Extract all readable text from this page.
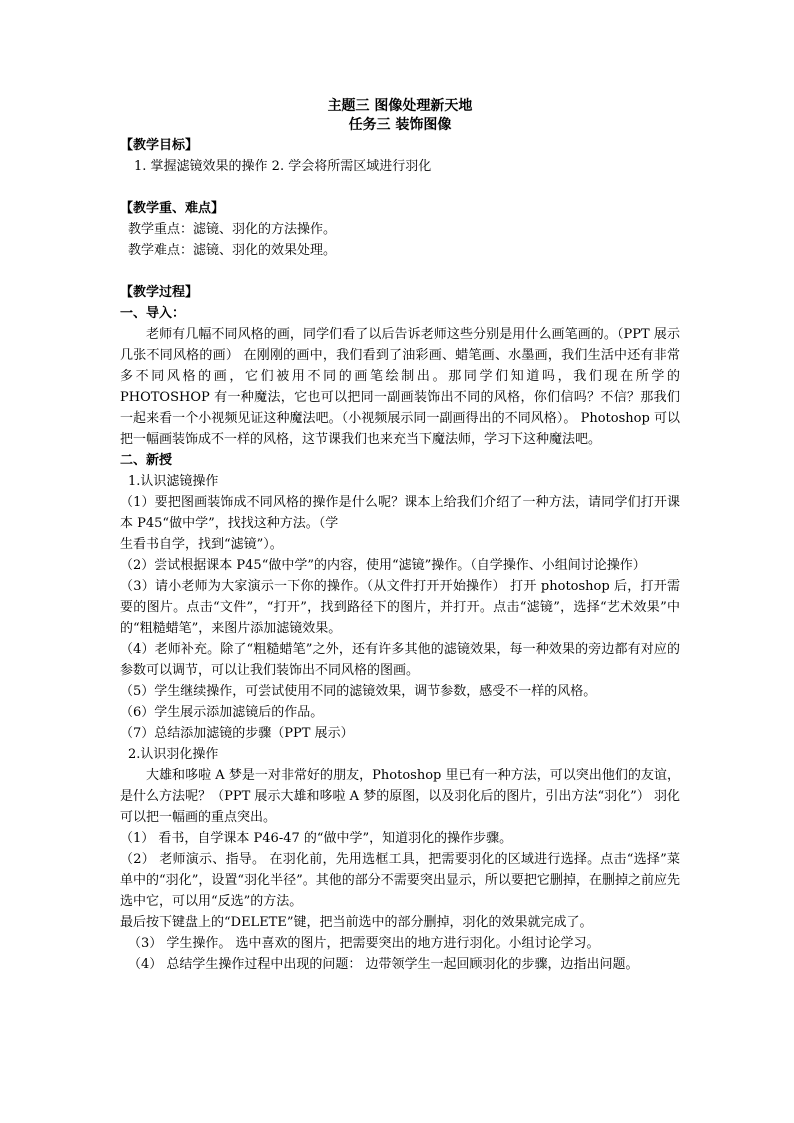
主题三 图像处理新天地
任务三 装饰图像

【教学目标】

1. 掌握滤镜效果的操作 2. 学会将所需区域进行羽化

【教学重、难点】

教学重点：滤镜、羽化的方法操作。

教学难点：滤镜、羽化的效果处理。

【教学过程】

一、导入：

老师有几幅不同风格的画，同学们看了以后告诉老师这些分别是用什么画笔画的。（PPT 展示几张不同风格的画） 在刚刚的画中，我们看到了油彩画、蜡笔画、水墨画，我们生活中还有非常多不同风格的画，它们被用不同的画笔绘制出。那同学们知道吗，我们现在所学的 PHOTOSHOP 有一种魔法，它也可以把同一副画装饰出不同的风格，你们信吗？不信？那我们一起来看一个小视频见证这种魔法吧。（小视频展示同一副画得出的不同风格）。 Photoshop 可以把一幅画装饰成不一样的风格，这节课我们也来充当下魔法师，学习下这种魔法吧。

二、新授

1.认识滤镜操作

（1）要把图画装饰成不同风格的操作是什么呢？课本上给我们介绍了一种方法，请同学们打开课本 P45“做中学”，找找这种方法。（学

生看书自学，找到“滤镜”）。

（2）尝试根据课本 P45“做中学”的内容，使用“滤镜”操作。（自学操作、小组间讨论操作）

（3）请小老师为大家演示一下你的操作。（从文件打开开始操作） 打开 photoshop 后，打开需要的图片。点击“文件”，“打开”，找到路径下的图片，并打开。点击“滤镜”，选择“艺术效果”中的“粗糙蜡笔”，来图片添加滤镜效果。

（4）老师补充。除了“粗糙蜡笔”之外，还有许多其他的滤镜效果，每一种效果的旁边都有对应的参数可以调节，可以让我们装饰出不同风格的图画。

（5）学生继续操作，可尝试使用不同的滤镜效果，调节参数，感受不一样的风格。

（6）学生展示添加滤镜后的作品。

（7）总结添加滤镜的步骤（PPT 展示）

2.认识羽化操作

大雄和哆啦 A 梦是一对非常好的朋友，Photoshop 里已有一种方法，可以突出他们的友谊，是什么方法呢？（PPT 展示大雄和哆啦 A 梦的原图，以及羽化后的图片，引出方法“羽化”） 羽化可以把一幅画的重点突出。

（1） 看书，自学课本 P46-47 的“做中学”，知道羽化的操作步骤。

（2） 老师演示、指导。 在羽化前，先用选框工具，把需要羽化的区域进行选择。点击“选择”菜单中的“羽化”，设置“羽化半径”。其他的部分不需要突出显示，所以要把它删掉，在删掉之前应先选中它，可以用“反选”的方法。

最后按下键盘上的“DELETE”键，把当前选中的部分删掉，羽化的效果就完成了。

（3） 学生操作。 选中喜欢的图片，把需要突出的地方进行羽化。小组讨论学习。

（4） 总结学生操作过程中出现的问题： 边带领学生一起回顾羽化的步骤，边指出问题。
